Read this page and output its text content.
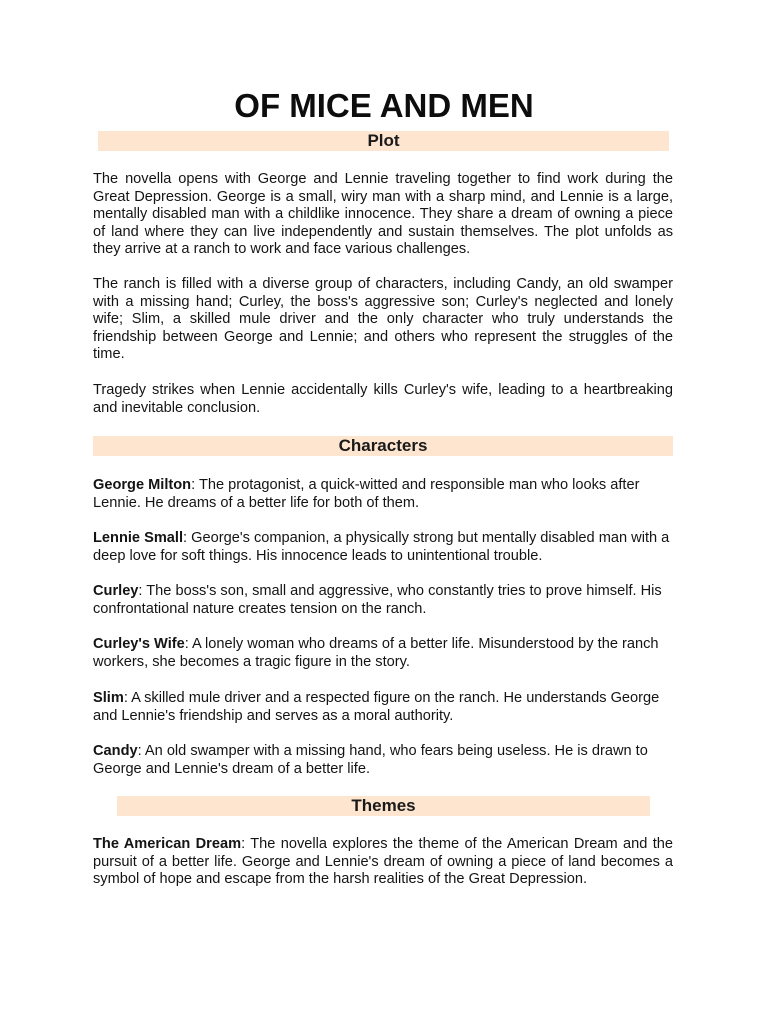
OF MICE AND MEN
Plot

The novella opens with George and Lennie traveling together to find work during the Great Depression. George is a small, wiry man with a sharp mind, and Lennie is a large, mentally disabled man with a childlike innocence. They share a dream of owning a piece of land where they can live independently and sustain themselves. The plot unfolds as they arrive at a ranch to work and face various challenges.

The ranch is filled with a diverse group of characters, including Candy, an old swamper with a missing hand; Curley, the boss's aggressive son; Curley's neglected and lonely wife; Slim, a skilled mule driver and the only character who truly understands the friendship between George and Lennie; and others who represent the struggles of the time.

Tragedy strikes when Lennie accidentally kills Curley's wife, leading to a heartbreaking and inevitable conclusion.

Characters

George Milton: The protagonist, a quick-witted and responsible man who looks after Lennie. He dreams of a better life for both of them.

Lennie Small: George's companion, a physically strong but mentally disabled man with a deep love for soft things. His innocence leads to unintentional trouble.

Curley: The boss's son, small and aggressive, who constantly tries to prove himself. His confrontational nature creates tension on the ranch.

Curley's Wife: A lonely woman who dreams of a better life. Misunderstood by the ranch workers, she becomes a tragic figure in the story.

Slim: A skilled mule driver and a respected figure on the ranch. He understands George and Lennie's friendship and serves as a moral authority.

Candy: An old swamper with a missing hand, who fears being useless. He is drawn to George and Lennie's dream of a better life.

Themes

The American Dream: The novella explores the theme of the American Dream and the pursuit of a better life. George and Lennie's dream of owning a piece of land becomes a symbol of hope and escape from the harsh realities of the Great Depression.
